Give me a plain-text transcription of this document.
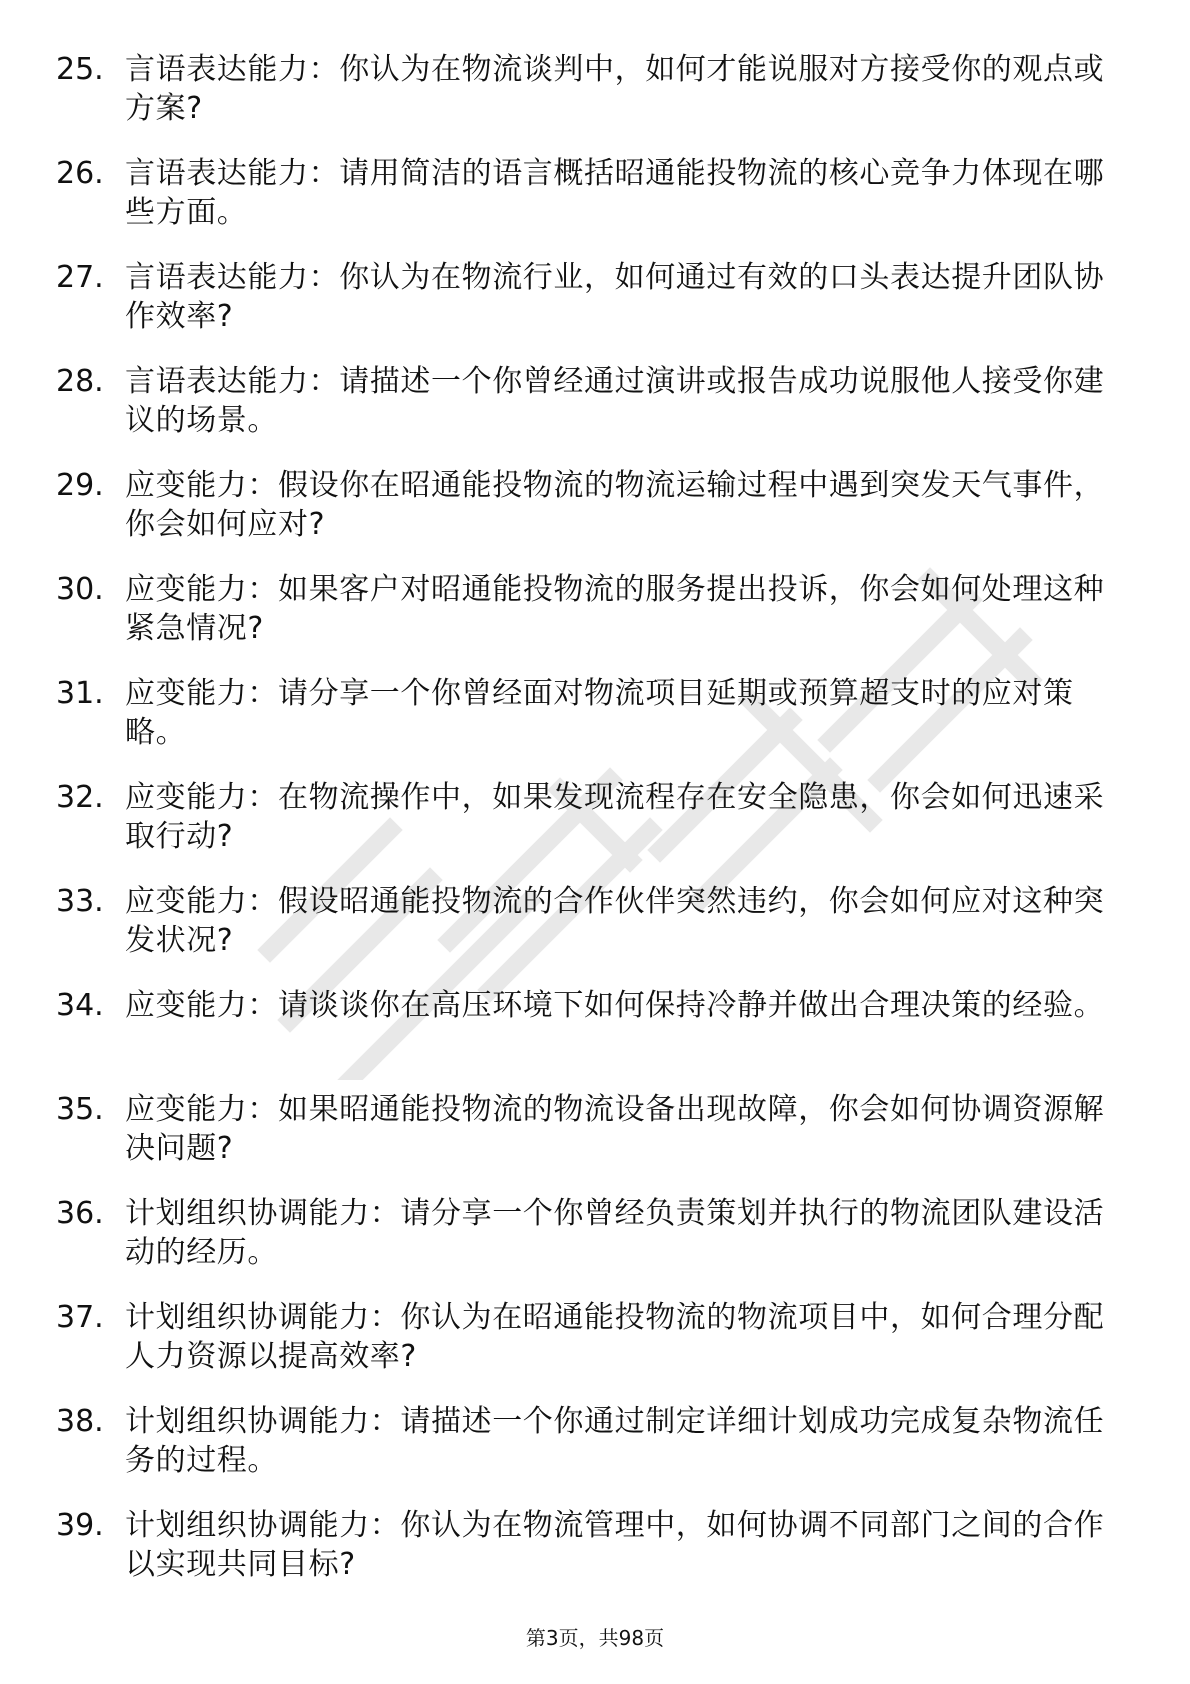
25. 言语表达能力：你认为在物流谈判中，如何才能说服对方接受你的观点或方案?
26. 言语表达能力：请用简洁的语言概括昭通能投物流的核心竞争力体现在哪些方面。
27. 言语表达能力：你认为在物流行业，如何通过有效的口头表达提升团队协作效率?
28. 言语表达能力：请描述一个你曾经通过演讲或报告成功说服他人接受你建议的场景。
29. 应变能力：假设你在昭通能投物流的物流运输过程中遇到突发天气事件，你会如何应对?
30. 应变能力：如果客户对昭通能投物流的服务提出投诉，你会如何处理这种紧急情况?
31. 应变能力：请分享一个你曾经面对物流项目延期或预算超支时的应对策略。
32. 应变能力：在物流操作中，如果发现流程存在安全隐患，你会如何迅速采取行动?
33. 应变能力：假设昭通能投物流的合作伙伴突然违约，你会如何应对这种突发状况?
34. 应变能力：请谈谈你在高压环境下如何保持冷静并做出合理决策的经验。
35. 应变能力：如果昭通能投物流的物流设备出现故障，你会如何协调资源解决问题?
36. 计划组织协调能力：请分享一个你曾经负责策划并执行的物流团队建设活动的经历。
37. 计划组织协调能力：你认为在昭通能投物流的物流项目中，如何合理分配人力资源以提高效率?
38. 计划组织协调能力：请描述一个你通过制定详细计划成功完成复杂物流任务的过程。
39. 计划组织协调能力：你认为在物流管理中，如何协调不同部门之间的合作以实现共同目标?
第3页，共98页
